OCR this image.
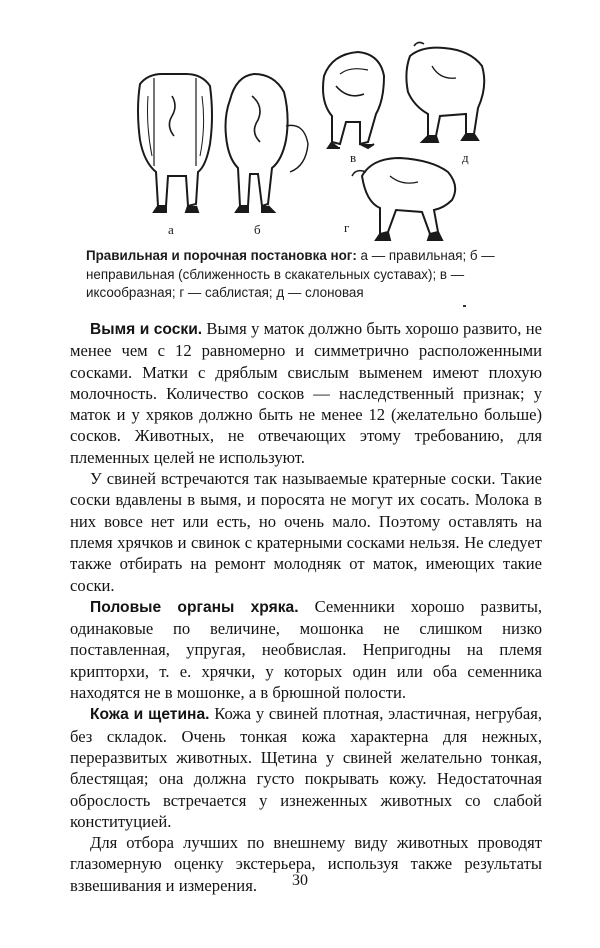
а	б
в	д
г
Правильная и порочная постановка ног: а — правильная; б — неправильная (сближенность в скакательных суставах); в — иксообразная; г — саблистая; д — слоновая

Вымя и соски. Вымя у маток должно быть хорошо развито, не менее чем с 12 равномерно и симметрично расположенными сосками. Матки с дряблым свислым выменем имеют плохую молочность. Количество сосков — наследственный признак; у маток и у хряков должно быть не менее 12 (желательно больше) сосков. Животных, не отвечающих этому требованию, для племенных целей не используют.

У свиней встречаются так называемые кратерные соски. Такие соски вдавлены в вымя, и поросята не могут их сосать. Молока в них вовсе нет или есть, но очень мало. Поэтому оставлять на племя хрячков и свинок с кратерными сосками нельзя. Не следует также отбирать на ремонт молодняк от маток, имеющих такие соски.

Половые органы хряка. Семенники хорошо развиты, одинаковые по величине, мошонка не слишком низко поставленная, упругая, необвислая. Непригодны на племя крипторхи, т. е. хрячки, у которых один или оба семенника находятся не в мошонке, а в брюшной полости.

Кожа и щетина. Кожа у свиней плотная, эластичная, негрубая, без складок. Очень тонкая кожа характерна для нежных, переразвитых животных. Щетина у свиней желательно тонкая, блестящая; она должна густо покрывать кожу. Недостаточная оброслость встречается у изнеженных животных со слабой конституцией.

Для отбора лучших по внешнему виду животных проводят глазомерную оценку экстерьера, используя также результаты взвешивания и измерения.	30
